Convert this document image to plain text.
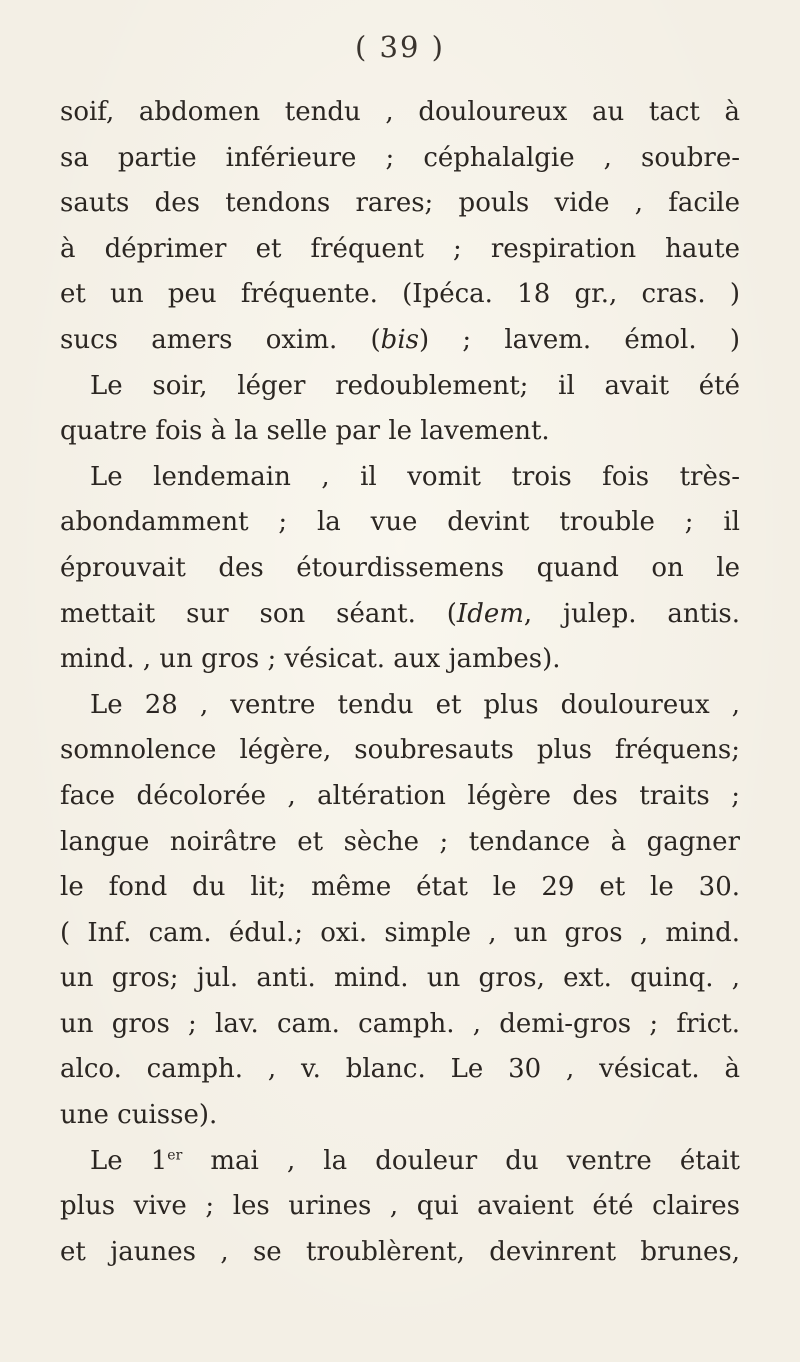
( 39 )
soif, abdomen tendu , douloureux au tact à
sa partie inférieure ; céphalalgie , soubre-
sauts des tendons rares; pouls vide , facile
à déprimer et fréquent ; respiration haute
et un peu fréquente. (Ipéca. 18 gr., cras. )
sucs amers oxim. (bis) ; lavem. émol. )
Le soir, léger redoublement; il avait été
quatre fois à la selle par le lavement.
Le lendemain , il vomit trois fois très-
abondamment ; la vue devint trouble ; il
éprouvait des étourdissemens quand on le
mettait sur son séant. (Idem, julep. antis.
mind. , un gros ; vésicat. aux jambes).
Le 28 , ventre tendu et plus douloureux ,
somnolence légère, soubresauts plus fréquens;
face décolorée , altération légère des traits ;
langue noirâtre et sèche ; tendance à gagner
le fond du lit; même état le 29 et le 30.
( Inf. cam. édul.; oxi. simple , un gros , mind.
un gros; jul. anti. mind. un gros, ext. quinq. ,
un gros ; lav. cam. camph. , demi-gros ; frict.
alco. camph. , v. blanc. Le 30 , vésicat. à
une cuisse).
Le 1er mai , la douleur du ventre était
plus vive ; les urines , qui avaient été claires
et jaunes , se troublèrent, devinrent brunes,
